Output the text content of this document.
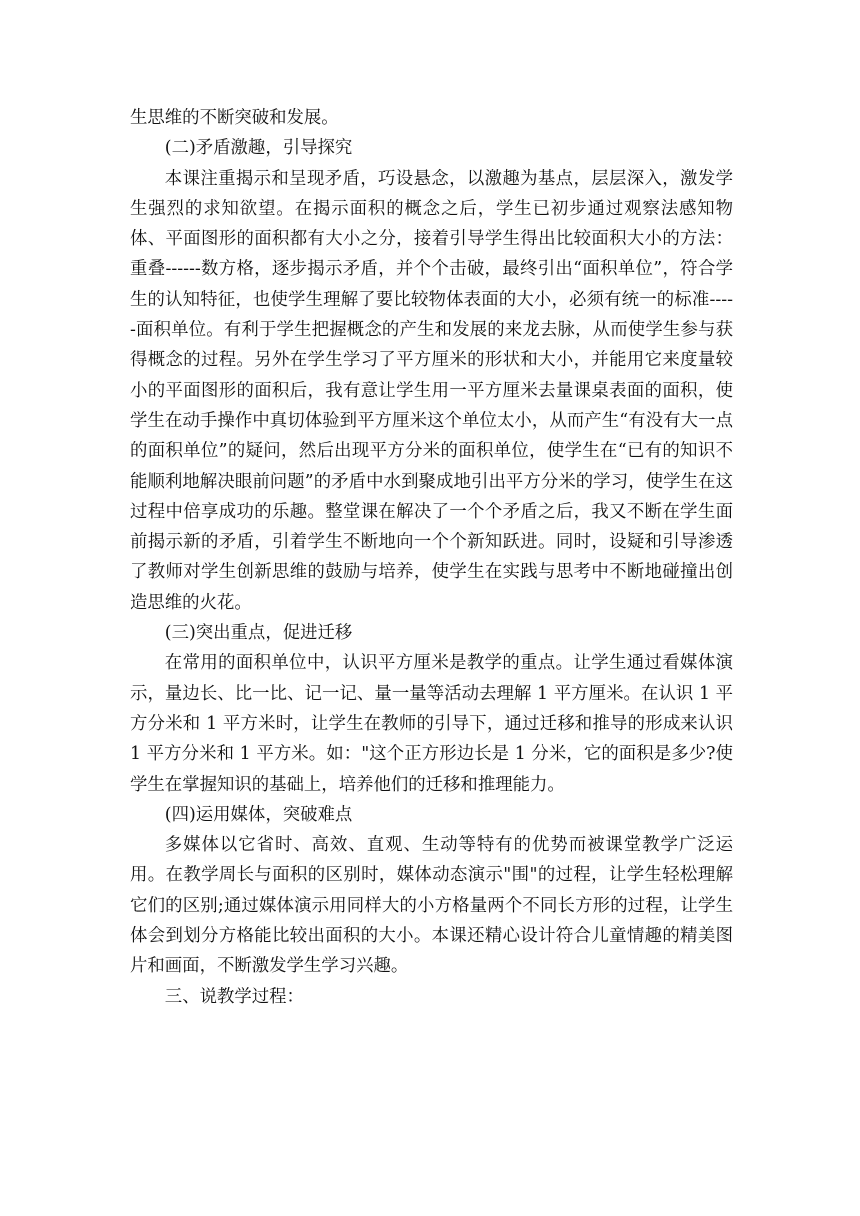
生思维的不断突破和发展。

(二)矛盾激趣，引导探究

本课注重揭示和呈现矛盾，巧设悬念，以激趣为基点，层层深入，激发学生强烈的求知欲望。在揭示面积的概念之后，学生已初步通过观察法感知物体、平面图形的面积都有大小之分，接着引导学生得出比较面积大小的方法：重叠------数方格，逐步揭示矛盾，并个个击破，最终引出“面积单位”，符合学生的认知特征，也使学生理解了要比较物体表面的大小，必须有统一的标准-----面积单位。有利于学生把握概念的产生和发展的来龙去脉，从而使学生参与获得概念的过程。另外在学生学习了平方厘米的形状和大小，并能用它来度量较小的平面图形的面积后，我有意让学生用一平方厘米去量课桌表面的面积，使学生在动手操作中真切体验到平方厘米这个单位太小，从而产生“有没有大一点的面积单位”的疑问，然后出现平方分米的面积单位，使学生在“已有的知识不能顺利地解决眼前问题”的矛盾中水到聚成地引出平方分米的学习，使学生在这过程中倍享成功的乐趣。整堂课在解决了一个个矛盾之后，我又不断在学生面前揭示新的矛盾，引着学生不断地向一个个新知跃进。同时，设疑和引导渗透了教师对学生创新思维的鼓励与培养，使学生在实践与思考中不断地碰撞出创造思维的火花。

(三)突出重点，促进迁移

在常用的面积单位中，认识平方厘米是教学的重点。让学生通过看媒体演示，量边长、比一比、记一记、量一量等活动去理解 1 平方厘米。在认识 1 平方分米和 1 平方米时，让学生在教师的引导下，通过迁移和推导的形成来认识 1 平方分米和 1 平方米。如："这个正方形边长是 1 分米，它的面积是多少?使学生在掌握知识的基础上，培养他们的迁移和推理能力。

(四)运用媒体，突破难点

多媒体以它省时、高效、直观、生动等特有的优势而被课堂教学广泛运用。在教学周长与面积的区别时，媒体动态演示"围"的过程，让学生轻松理解它们的区别;通过媒体演示用同样大的小方格量两个不同长方形的过程，让学生体会到划分方格能比较出面积的大小。本课还精心设计符合儿童情趣的精美图片和画面，不断激发学生学习兴趣。

三、说教学过程：
